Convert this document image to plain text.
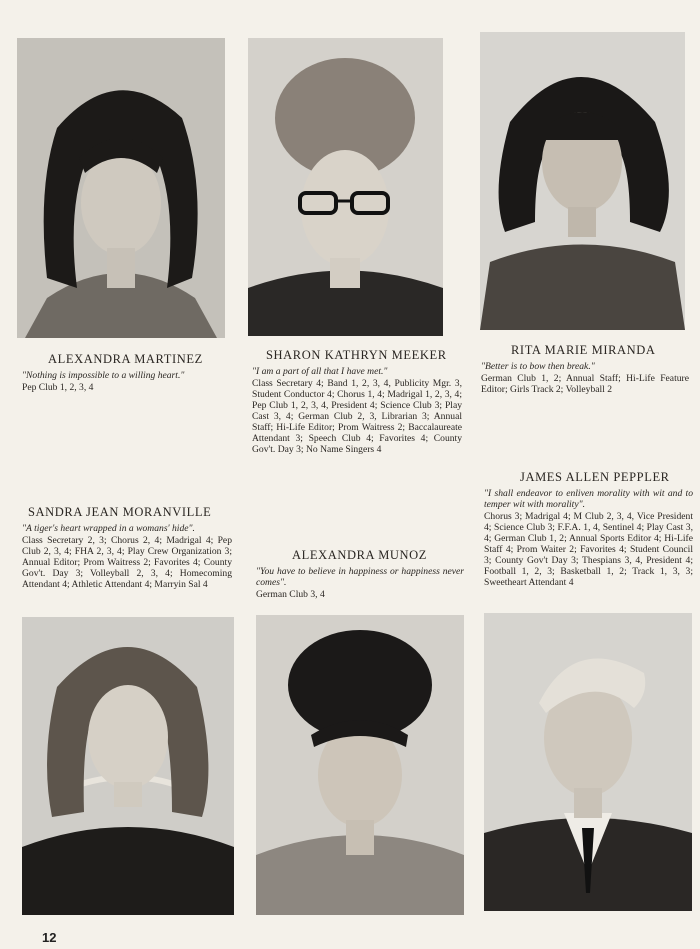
ALEXANDRA MARTINEZ
"Nothing is impossible to a willing heart."
Pep Club 1, 2, 3, 4
SHARON KATHRYN MEEKER
"I am a part of all that I have met."
Class Secretary 4; Band 1, 2, 3, 4, Publicity Mgr. 3, Student Conductor 4; Chorus 1, 4; Madrigal 1, 2, 3, 4; Pep Club 1, 2, 3, 4, President 4; Science Club 3; Play Cast 3, 4; German Club 2, 3, Librarian 3; Annual Staff; Hi-Life Editor; Prom Waitress 2; Baccalaureate Attendant 3; Speech Club 4; Favorites 4; County Gov't. Day 3; No Name Singers 4
RITA MARIE MIRANDA
"Better is to bow then break."
German Club 1, 2; Annual Staff; Hi-Life Feature Editor; Girls Track 2; Volleyball 2
SANDRA JEAN MORANVILLE
"A tiger's heart wrapped in a womans' hide".
Class Secretary 2, 3; Chorus 2, 4; Madrigal 4; Pep Club 2, 3, 4; FHA 2, 3, 4; Play Crew Organization 3; Annual Editor; Prom Waitress 2; Favorites 4; County Gov't. Day 3; Volleyball 2, 3, 4; Homecoming Attendant 4; Athletic Attendant 4; Marryin Sal 4
ALEXANDRA MUNOZ
"You have to believe in happiness or happiness never comes".
German Club 3, 4
JAMES ALLEN PEPPLER
"I shall endeavor to enliven morality with wit and to temper wit with morality".
Chorus 3; Madrigal 4; M Club 2, 3, 4, Vice President 4; Science Club 3; F.F.A. 1, 4, Sentinel 4; Play Cast 3, 4; German Club 1, 2; Annual Sports Editor 4; Hi-Life Staff 4; Prom Waiter 2; Favorites 4; Student Council 3; County Gov't Day 3; Thespians 3, 4, President 4; Football 1, 2, 3; Basketball 1, 2; Track 1, 3, 3; Sweetheart Attendant 4
12
